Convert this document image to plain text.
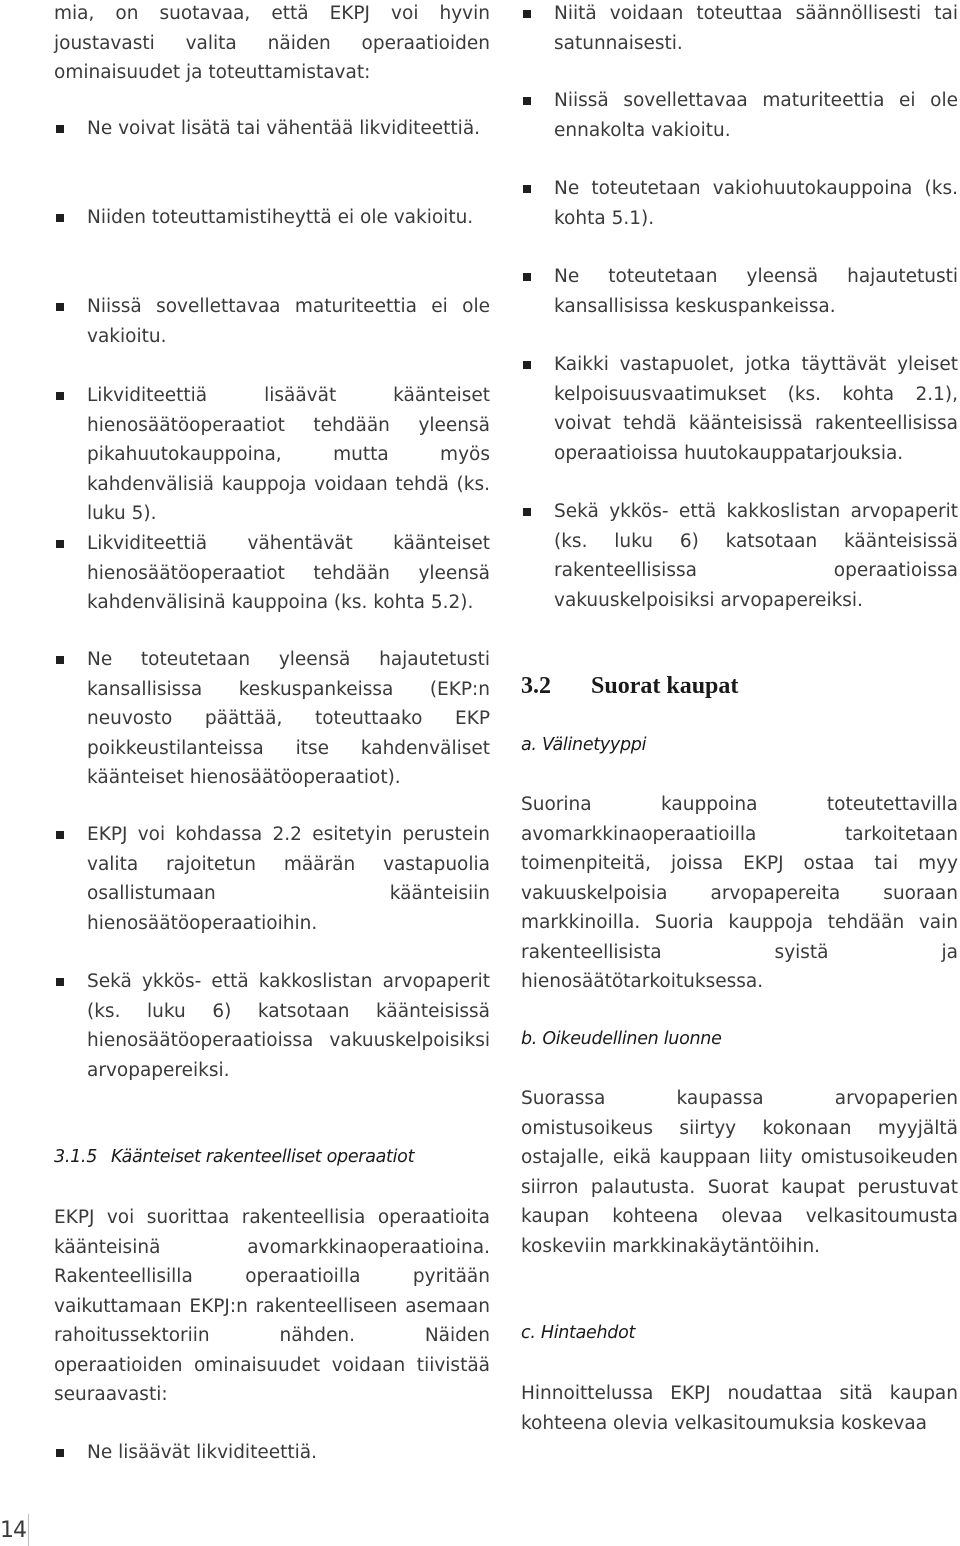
mia, on suotavaa, että EKPJ voi hyvin joustavasti valita näiden operaatioiden ominaisuudet ja toteuttamistavat:

Ne voivat lisätä tai vähentää likviditeettiä.
Niiden toteuttamistiheyttä ei ole vakioitu.
Niissä sovellettavaa maturiteettia ei ole vakioitu.
Likviditeettiä lisäävät käänteiset hienosäätöoperaatiot tehdään yleensä pikahuutokauppoina, mutta myös kahdenvälisiä kauppoja voidaan tehdä (ks. luku 5).
Likviditeettiä vähentävät käänteiset hienosäätöoperaatiot tehdään yleensä kahdenvälisinä kauppoina (ks. kohta 5.2).
Ne toteutetaan yleensä hajautetusti kansallisissa keskuspankeissa (EKP:n neuvosto päättää, toteuttaako EKP poikkeustilanteissa itse kahdenväliset käänteiset hienosäätöoperaatiot).
EKPJ voi kohdassa 2.2 esitetyin perustein valita rajoitetun määrän vastapuolia osallistumaan käänteisiin hienosäätöoperaatioihin.
Sekä ykkös- että kakkoslistan arvopaperit (ks. luku 6) katsotaan käänteisissä hienosäätöoperaatioissa vakuuskelpoisiksi arvopapereiksi.
3.1.5 Käänteiset rakenteelliset operaatiot

EKPJ voi suorittaa rakenteellisia operaatioita käänteisinä avomarkkinaoperaatioina. Rakenteellisilla operaatioilla pyritään vaikuttamaan EKPJ:n rakenteelliseen asemaan rahoitussektoriin nähden. Näiden operaatioiden ominaisuudet voidaan tiivistää seuraavasti:

Ne lisäävät likviditeettiä.
Niitä voidaan toteuttaa säännöllisesti tai satunnaisesti.
Niissä sovellettavaa maturiteettia ei ole ennakolta vakioitu.
Ne toteutetaan vakiohuutokauppoina (ks. kohta 5.1).
Ne toteutetaan yleensä hajautetusti kansallisissa keskuspankeissa.
Kaikki vastapuolet, jotka täyttävät yleiset kelpoisuusvaatimukset (ks. kohta 2.1), voivat tehdä käänteisissä rakenteellisissa operaatioissa huutokauppatarjouksia.
Sekä ykkös- että kakkoslistan arvopaperit (ks. luku 6) katsotaan käänteisissä rakenteellisissa operaatioissa vakuuskelpoisiksi arvopapereiksi.
3.2 Suorat kaupat
a. Välinetyyppi

Suorina kauppoina toteutettavilla avomarkkinaoperaatioilla tarkoitetaan toimenpiteitä, joissa EKPJ ostaa tai myy vakuuskelpoisia arvopapereita suoraan markkinoilla. Suoria kauppoja tehdään vain rakenteellisista syistä ja hienosäätötarkoituksessa.

b. Oikeudellinen luonne

Suorassa kaupassa arvopaperien omistusoikeus siirtyy kokonaan myyjältä ostajalle, eikä kauppaan liity omistusoikeuden siirron palautusta. Suorat kaupat perustuvat kaupan kohteena olevaa velkasitoumusta koskeviin markkinakäytäntöihin.

c. Hintaehdot

Hinnoittelussa EKPJ noudattaa sitä kaupan kohteena olevia velkasitoumuksia koskevaa

14
